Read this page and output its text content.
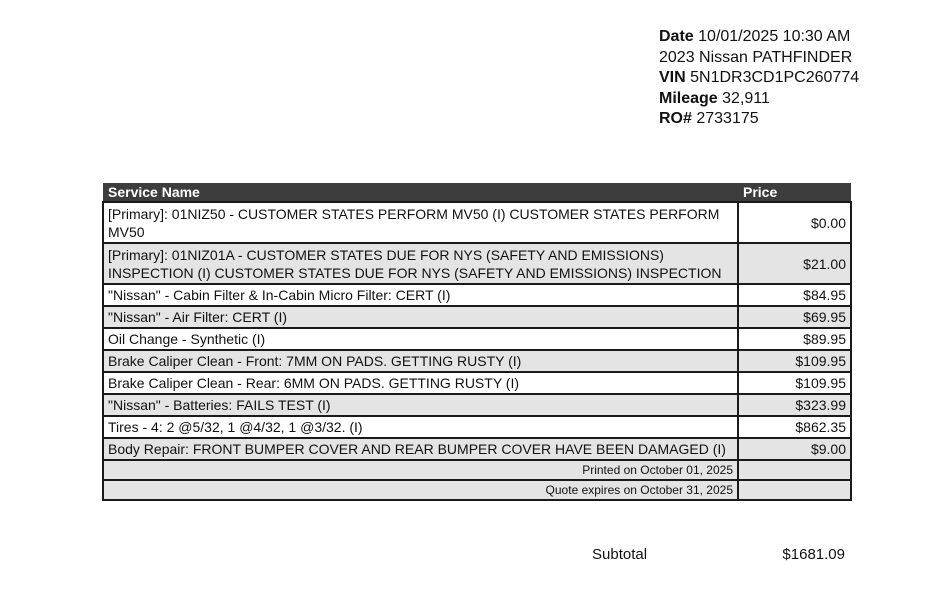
Date 10/01/2025 10:30 AM
2023 Nissan PATHFINDER
VIN 5N1DR3CD1PC260774
Mileage 32,911
RO# 2733175
Service Name	Price
[Primary]: 01NIZ50 - CUSTOMER STATES PERFORM MV50 (I) CUSTOMER STATES PERFORM MV50	$0.00
[Primary]: 01NIZ01A - CUSTOMER STATES DUE FOR NYS (SAFETY AND EMISSIONS) INSPECTION (I) CUSTOMER STATES DUE FOR NYS (SAFETY AND EMISSIONS) INSPECTION	$21.00
"Nissan" - Cabin Filter & In-Cabin Micro Filter: CERT (I)	$84.95
"Nissan" - Air Filter: CERT (I)	$69.95
Oil Change - Synthetic (I)	$89.95
Brake Caliper Clean - Front: 7MM ON PADS. GETTING RUSTY (I)	$109.95
Brake Caliper Clean - Rear: 6MM ON PADS. GETTING RUSTY (I)	$109.95
"Nissan" - Batteries: FAILS TEST (I)	$323.99
Tires - 4: 2 @5/32, 1 @4/32, 1 @3/32. (I)	$862.35
Body Repair: FRONT BUMPER COVER AND REAR BUMPER COVER HAVE BEEN DAMAGED (I)	$9.00
Printed on October 01, 2025	
Quote expires on October 31, 2025	
Subtotal	$1681.09
